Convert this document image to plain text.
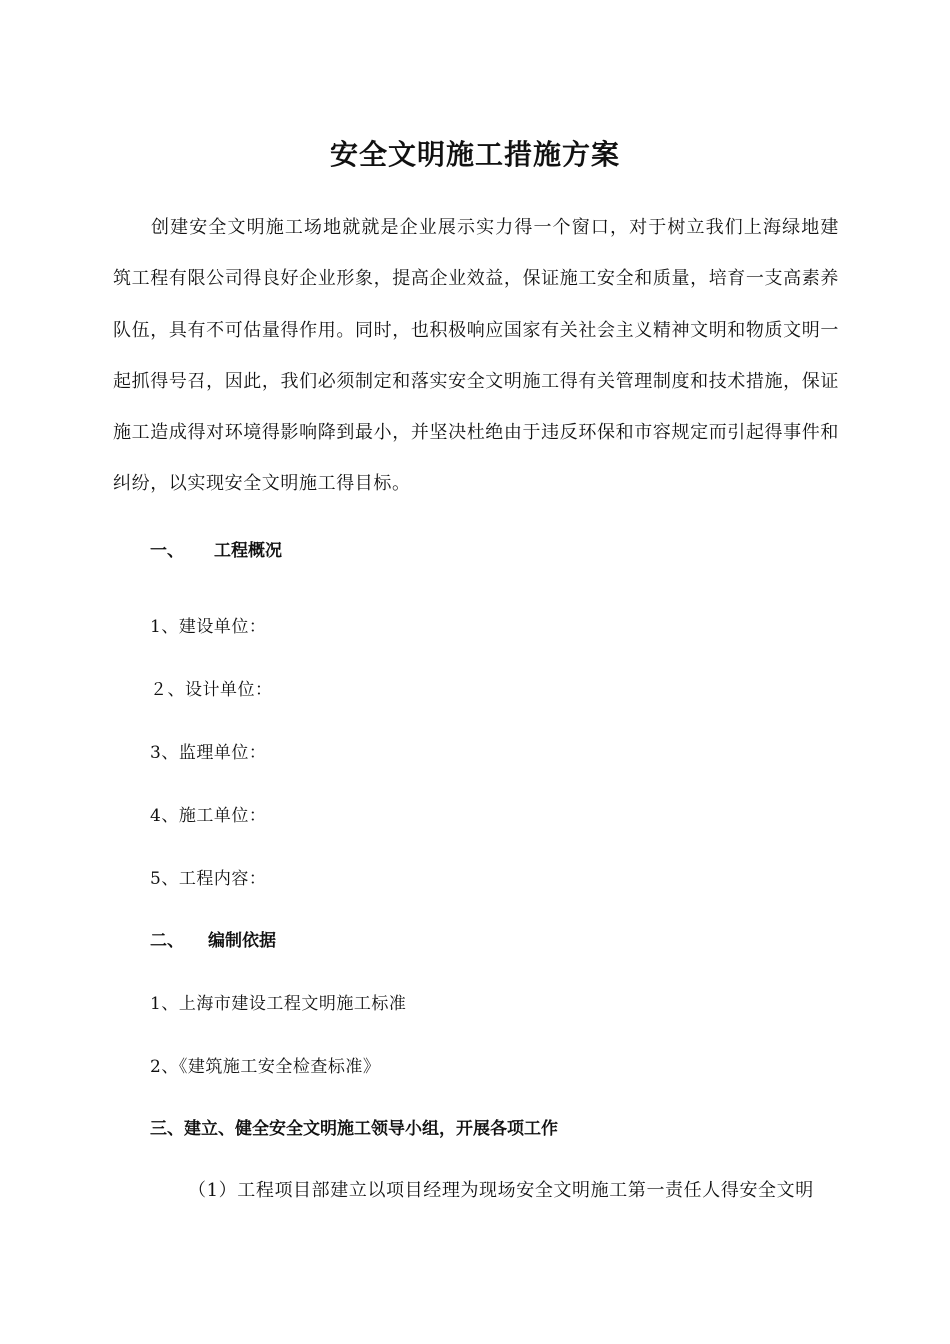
安全文明施工措施方案
创建安全文明施工场地就就是企业展示实力得一个窗口，对于树立我们上海绿地建筑工程有限公司得良好企业形象，提高企业效益，保证施工安全和质量，培育一支高素养队伍，具有不可估量得作用。同时，也积极响应国家有关社会主义精神文明和物质文明一起抓得号召，因此，我们必须制定和落实安全文明施工得有关管理制度和技术措施，保证施工造成得对环境得影响降到最小，并坚决杜绝由于违反环保和市容规定而引起得事件和纠纷，以实现安全文明施工得目标。
一、 工程概况
1、建设单位：
２、设计单位：
3、监理单位：
4、施工单位：
5、工程内容：
二、 编制依据
1、上海市建设工程文明施工标准
2、《建筑施工安全检查标准》
三、建立、健全安全文明施工领导小组，开展各项工作
（1）工程项目部建立以项目经理为现场安全文明施工第一责任人得安全文明
